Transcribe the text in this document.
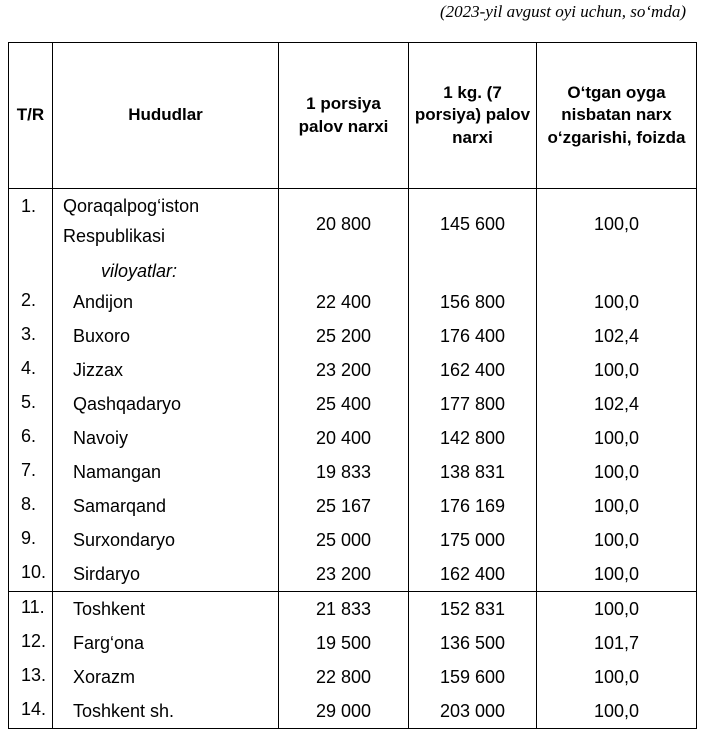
(2023-yil avgust oyi uchun, so‘mda)
T/R	Hududlar	1 porsiya palov narxi	1 kg. (7 porsiya) palov narxi	O‘tgan oyga nisbatan narx o‘zgarishi, foizda
1.	Qoraqalpog‘iston Respublikasi	20 800	145 600	100,0
	viloyatlar:			
2.	Andijon	22 400	156 800	100,0
3.	Buxoro	25 200	176 400	102,4
4.	Jizzax	23 200	162 400	100,0
5.	Qashqadaryo	25 400	177 800	102,4
6.	Navoiy	20 400	142 800	100,0
7.	Namangan	19 833	138 831	100,0
8.	Samarqand	25 167	176 169	100,0
9.	Surxondaryo	25 000	175 000	100,0
10.	Sirdaryo	23 200	162 400	100,0
11.	Toshkent	21 833	152 831	100,0
12.	Farg‘ona	19 500	136 500	101,7
13.	Xorazm	22 800	159 600	100,0
14.	Toshkent sh.	29 000	203 000	100,0
